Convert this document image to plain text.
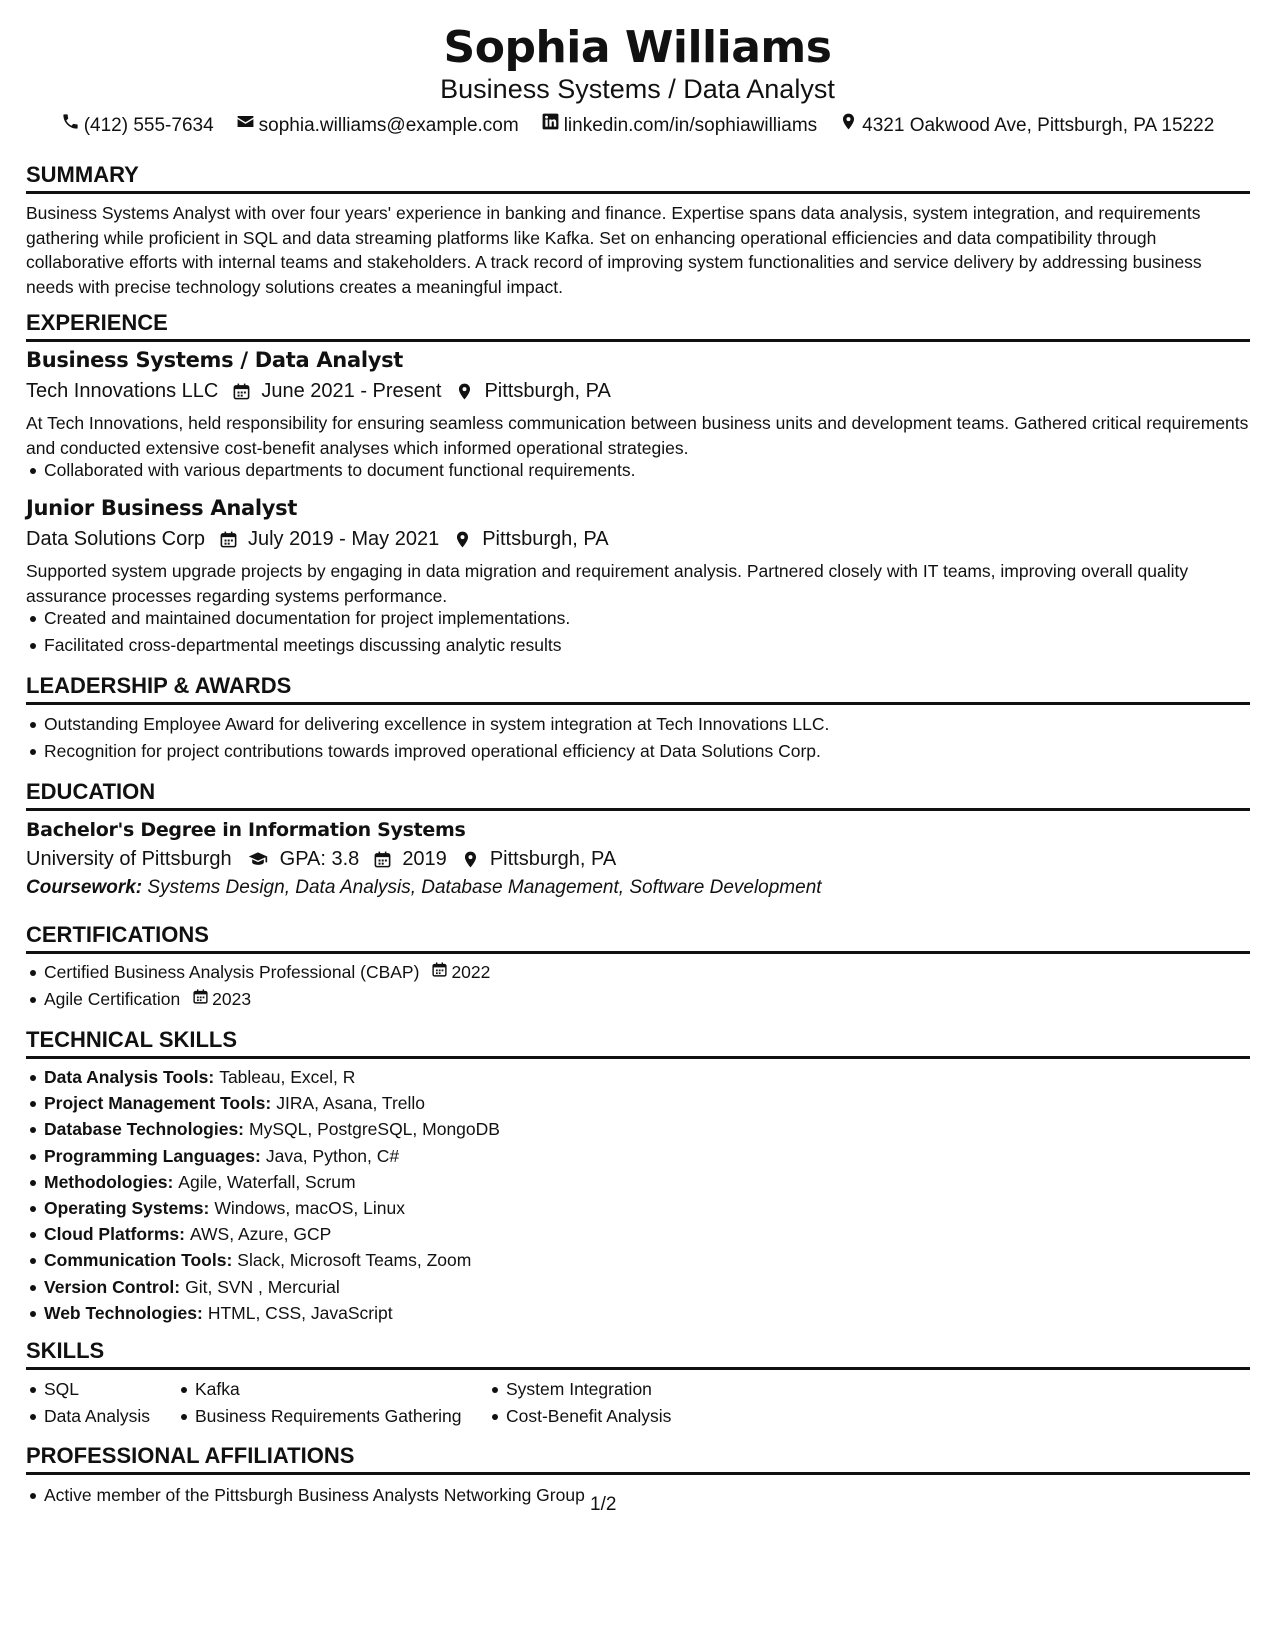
Sophia Williams
Business Systems / Data Analyst
(412) 555-7634 sophia.williams@example.com linkedin.com/in/sophiawilliams 4321 Oakwood Ave, Pittsburgh, PA 15222
SUMMARY
Business Systems Analyst with over four years' experience in banking and finance. Expertise spans data analysis, system integration, and requirements gathering while proficient in SQL and data streaming platforms like Kafka. Set on enhancing operational efficiencies and data compatibility through collaborative efforts with internal teams and stakeholders. A track record of improving system functionalities and service delivery by addressing business needs with precise technology solutions creates a meaningful impact.
EXPERIENCE
Business Systems / Data Analyst
Tech Innovations LLC June 2021 - Present Pittsburgh, PA
At Tech Innovations, held responsibility for ensuring seamless communication between business units and development teams. Gathered critical requirements and conducted extensive cost-benefit analyses which informed operational strategies.
Collaborated with various departments to document functional requirements.
Junior Business Analyst
Data Solutions Corp July 2019 - May 2021 Pittsburgh, PA
Supported system upgrade projects by engaging in data migration and requirement analysis. Partnered closely with IT teams, improving overall quality assurance processes regarding systems performance.
Created and maintained documentation for project implementations.
Facilitated cross-departmental meetings discussing analytic results
LEADERSHIP & AWARDS
Outstanding Employee Award for delivering excellence in system integration at Tech Innovations LLC.
Recognition for project contributions towards improved operational efficiency at Data Solutions Corp.
EDUCATION
Bachelor's Degree in Information Systems
University of Pittsburgh GPA: 3.8 2019 Pittsburgh, PA
Coursework: Systems Design, Data Analysis, Database Management, Software Development
CERTIFICATIONS
Certified Business Analysis Professional (CBAP) 2022
Agile Certification 2023
TECHNICAL SKILLS
Data Analysis Tools: Tableau, Excel, R
Project Management Tools: JIRA, Asana, Trello
Database Technologies: MySQL, PostgreSQL, MongoDB
Programming Languages: Java, Python, C#
Methodologies: Agile, Waterfall, Scrum
Operating Systems: Windows, macOS, Linux
Cloud Platforms: AWS, Azure, GCP
Communication Tools: Slack, Microsoft Teams, Zoom
Version Control: Git, SVN , Mercurial
Web Technologies: HTML, CSS, JavaScript
SKILLS
SQL
Data Analysis
Kafka
Business Requirements Gathering
System Integration
Cost-Benefit Analysis
PROFESSIONAL AFFILIATIONS
Active member of the Pittsburgh Business Analysts Networking Group 1/2
